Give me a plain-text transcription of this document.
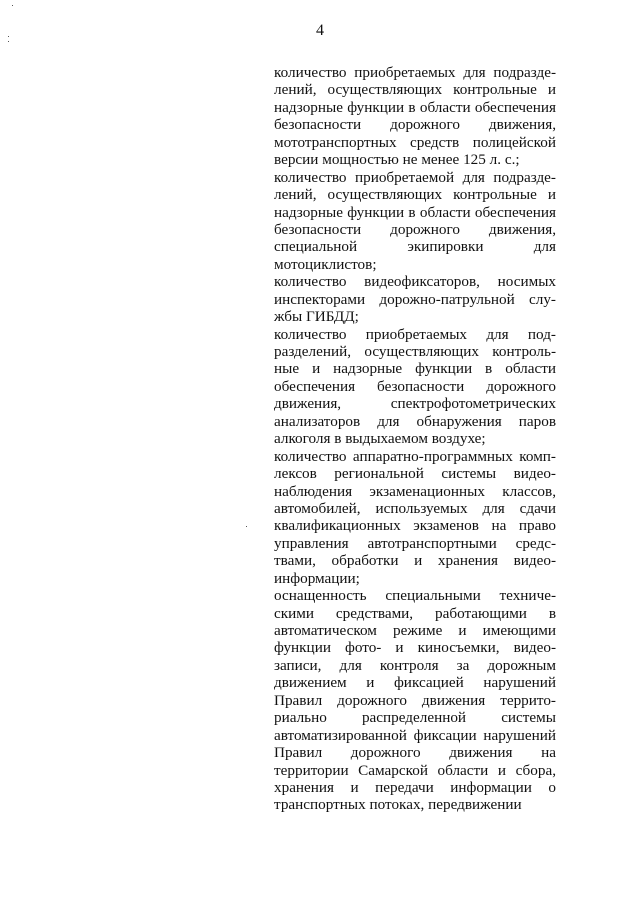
4
количество приобретаемых для подразде-
лений, осуществляющих контрольные и
надзорные функции в области обеспечения
безопасности дорожного движения,
мототранспортных средств полицейской
версии мощностью не менее 125 л. с.;
количество приобретаемой для подразде-
лений, осуществляющих контрольные и
надзорные функции в области обеспечения
безопасности дорожного движения,
специальной экипировки для
мотоциклистов;
количество видеофиксаторов, носимых
инспекторами дорожно-патрульной слу-
жбы ГИБДД;
количество приобретаемых для под-
разделений, осуществляющих контроль-
ные и надзорные функции в области
обеспечения безопасности дорожного
движения, спектрофотометрических
анализаторов для обнаружения паров
алкоголя в выдыхаемом воздухе;
количество аппаратно-программных комп-
лексов региональной системы видео-
наблюдения экзаменационных классов,
автомобилей, используемых для сдачи
квалификационных экзаменов на право
управления автотранспортными средс-
твами, обработки и хранения видео-
информации;
оснащенность специальными техниче-
скими средствами, работающими в
автоматическом режиме и имеющими
функции фото- и киносъемки, видео-
записи, для контроля за дорожным
движением и фиксацией нарушений
Правил дорожного движения террито-
риально распределенной системы
автоматизированной фиксации нарушений
Правил дорожного движения на
территории Самарской области и сбора,
хранения и передачи информации о
транспортных потоках, передвижении
